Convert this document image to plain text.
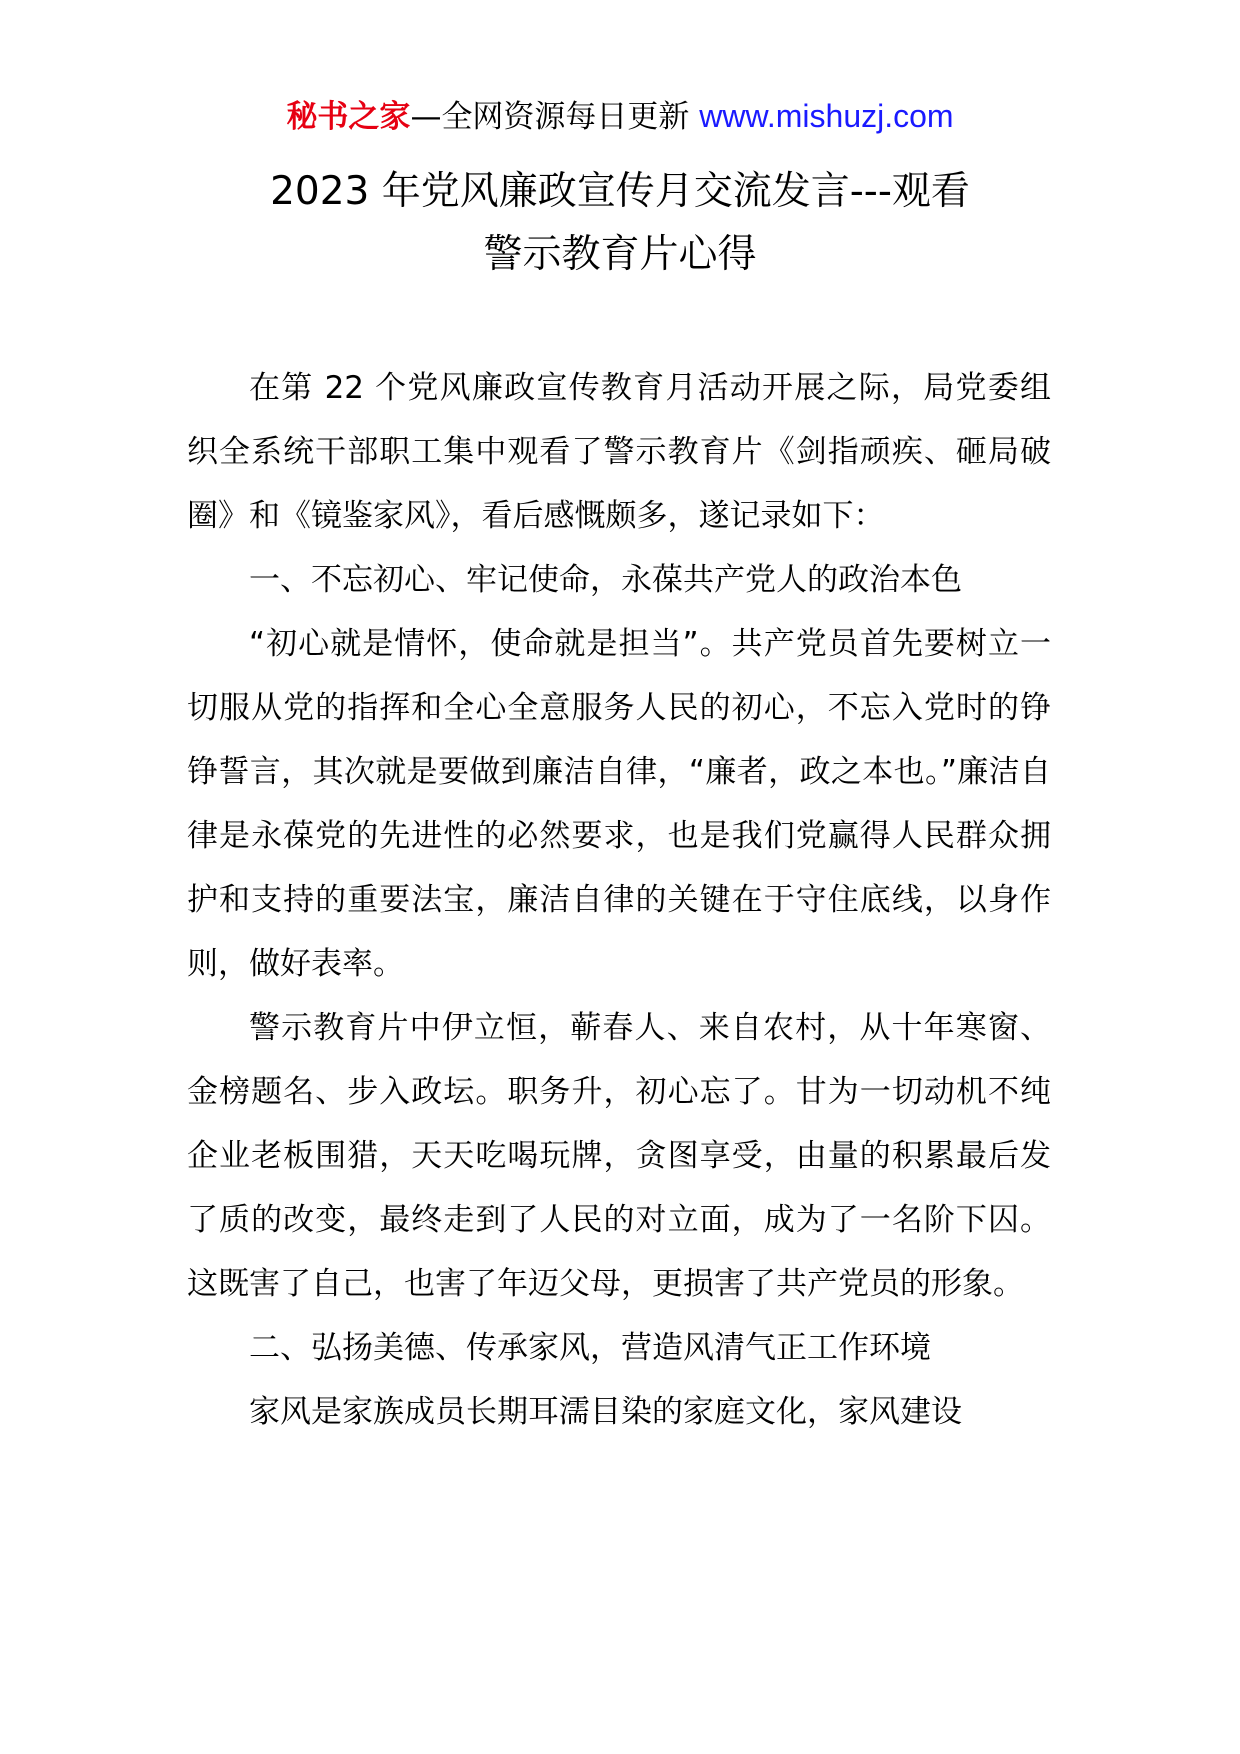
秘书之家—全网资源每日更新 www.mishuzj.com
2023 年党风廉政宣传月交流发言---观看
警示教育片心得

在第 22 个党风廉政宣传教育月活动开展之际，局党委组织全系统干部职工集中观看了警示教育片《剑指顽疾、砸局破圈》和《镜鉴家风》，看后感慨颇多，遂记录如下：

一、不忘初心、牢记使命，永葆共产党人的政治本色

“初心就是情怀，使命就是担当”。共产党员首先要树立一切服从党的指挥和全心全意服务人民的初心，不忘入党时的铮铮誓言，其次就是要做到廉洁自律，“廉者，政之本也。”廉洁自律是永葆党的先进性的必然要求，也是我们党赢得人民群众拥护和支持的重要法宝，廉洁自律的关键在于守住底线，以身作则，做好表率。

警示教育片中伊立恒，蕲春人、来自农村，从十年寒窗、金榜题名、步入政坛。职务升，初心忘了。甘为一切动机不纯企业老板围猎，天天吃喝玩牌，贪图享受，由量的积累最后发了质的改变，最终走到了人民的对立面，成为了一名阶下囚。这既害了自己，也害了年迈父母，更损害了共产党员的形象。

二、弘扬美德、传承家风，营造风清气正工作环境

家风是家族成员长期耳濡目染的家庭文化，家风建设
